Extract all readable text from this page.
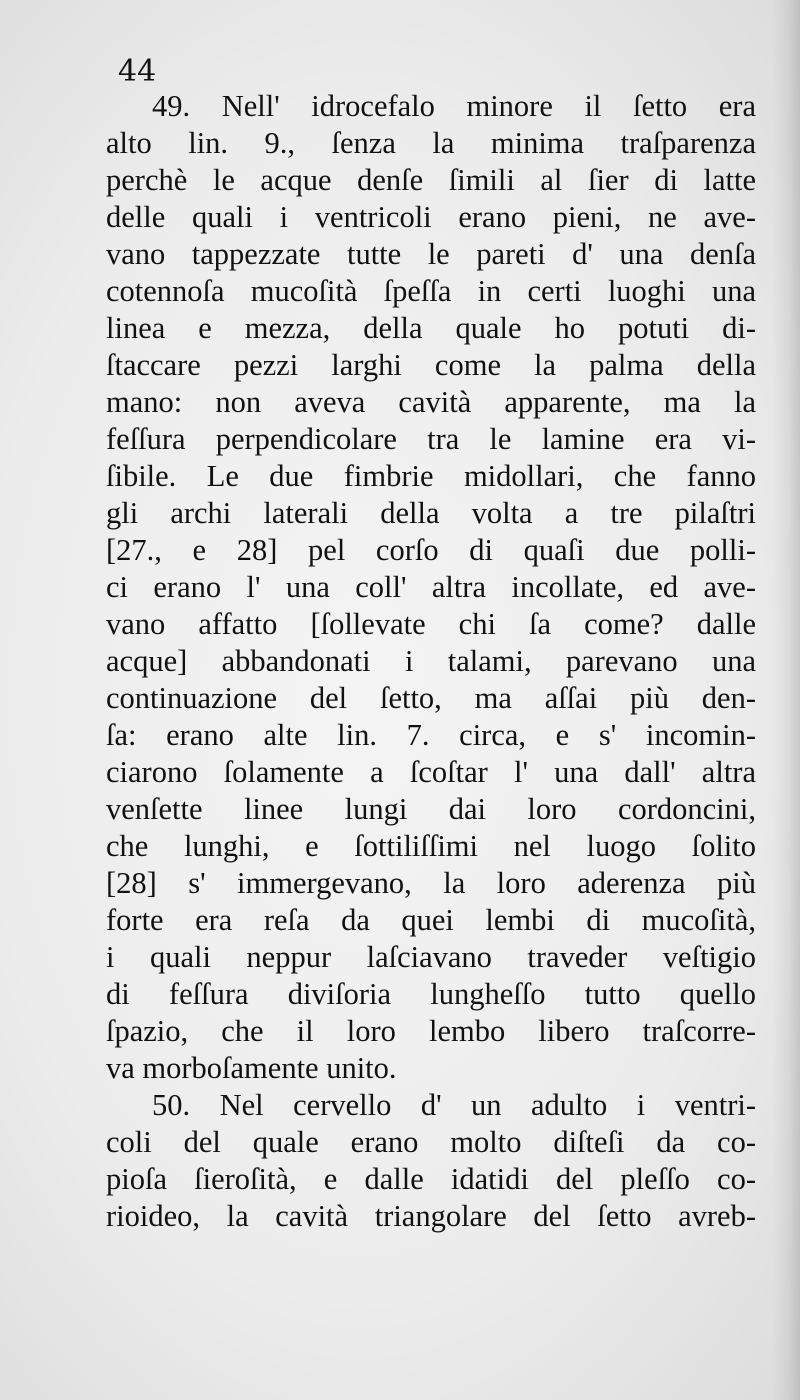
44

49. Nell' idrocefalo minore il ſetto era
alto lin. 9., ſenza la minima traſparenza
perchè le acque denſe ſimili al ſier di latte
delle quali i ventricoli erano pieni, ne ave-
vano tappezzate tutte le pareti d' una denſa
cotennoſa mucoſità ſpeſſa in certi luoghi una
linea e mezza, della quale ho potuti di-
ſtaccare pezzi larghi come la palma della
mano: non aveva cavità apparente, ma la
feſſura perpendicolare tra le lamine era vi-
ſibile. Le due fimbrie midollari, che fanno
gli archi laterali della volta a tre pilaſtri
[27., e 28] pel corſo di quaſi due polli-
ci erano l' una coll' altra incollate, ed ave-
vano affatto [ſollevate chi ſa come? dalle
acque] abbandonati i talami, parevano una
continuazione del ſetto, ma aſſai più den-
ſa: erano alte lin. 7. circa, e s' incomin-
ciarono ſolamente a ſcoſtar l' una dall' altra
venſette linee lungi dai loro cordoncini,
che lunghi, e ſottiliſſimi nel luogo ſolito
[28] s' immergevano, la loro aderenza più
forte era reſa da quei lembi di mucoſità,
i quali neppur laſciavano traveder veſtigio
di feſſura diviſoria lungheſſo tutto quello
ſpazio, che il loro lembo libero traſcorre-
va morboſamente unito.
50. Nel cervello d' un adulto i ventri-
coli del quale erano molto diſteſi da co-
pioſa ſieroſità, e dalle idatidi del pleſſo co-
rioideo, la cavità triangolare del ſetto avreb-
